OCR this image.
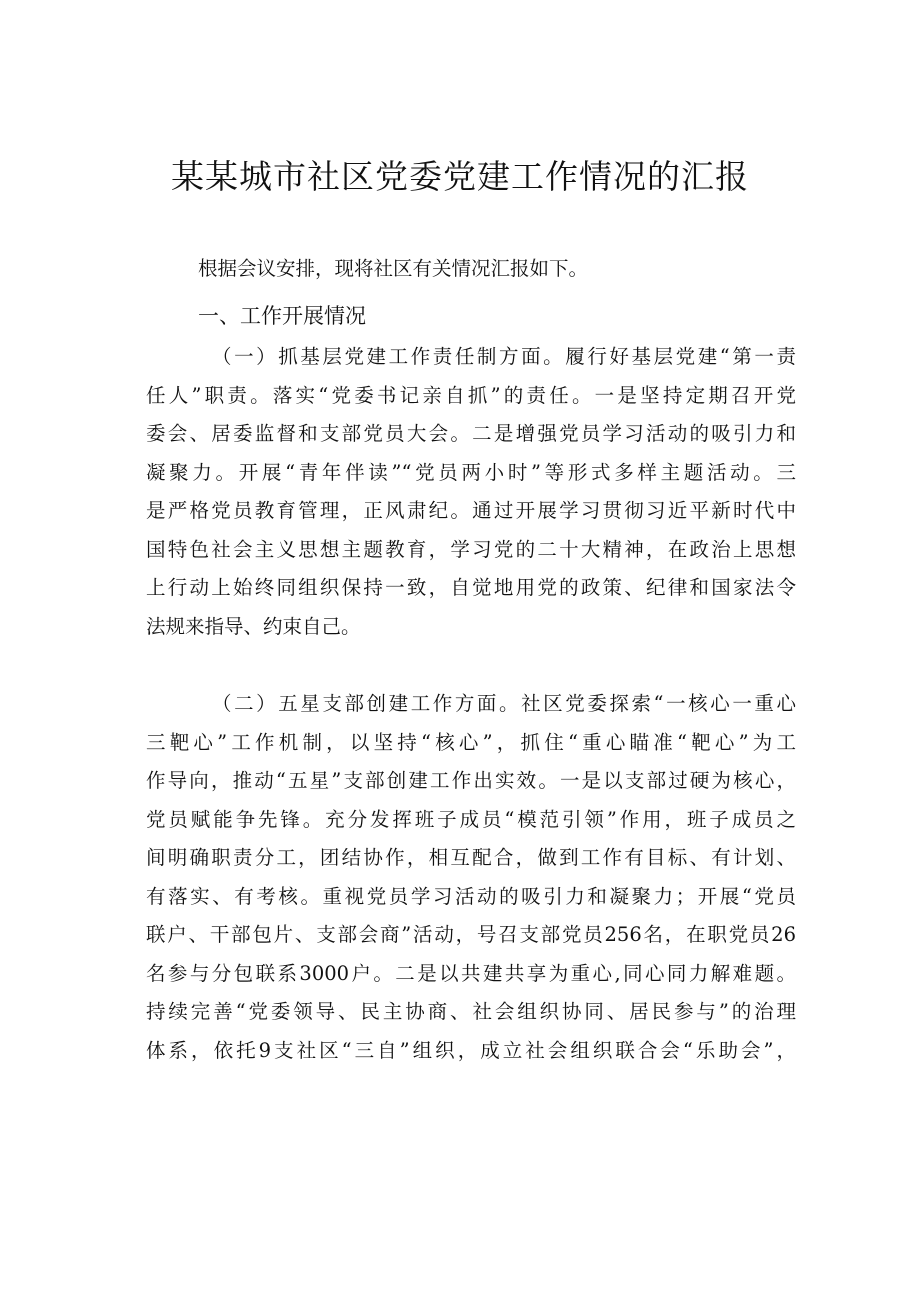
某某城市社区党委党建工作情况的汇报
根据会议安排，现将社区有关情况汇报如下。
一、工作开展情况
（一）抓基层党建工作责任制方面。履行好基层党建“第一责
任人”职责。落实“党委书记亲自抓”的责任。一是坚持定期召开党
委会、居委监督和支部党员大会。二是增强党员学习活动的吸引力和
凝聚力。开展“青年伴读”“党员两小时”等形式多样主题活动。三
是严格党员教育管理，正风肃纪。通过开展学习贯彻习近平新时代中
国特色社会主义思想主题教育，学习党的二十大精神，在政治上思想
上行动上始终同组织保持一致，自觉地用党的政策、纪律和国家法令
法规来指导、约束自己。
（二）五星支部创建工作方面。社区党委探索“一核心一重心
三靶心”工作机制，以坚持“核心”，抓住“重心瞄准“靶心”为工
作导向，推动“五星”支部创建工作出实效。一是以支部过硬为核心，
党员赋能争先锋。充分发挥班子成员“模范引领”作用，班子成员之
间明确职责分工，团结协作，相互配合，做到工作有目标、有计划、
有落实、有考核。重视党员学习活动的吸引力和凝聚力；开展“党员
联户、干部包片、支部会商”活动，号召支部党员256名，在职党员26
名参与分包联系3000户。二是以共建共享为重心,同心同力解难题。
持续完善“党委领导、民主协商、社会组织协同、居民参与”的治理
体系，依托9支社区“三自”组织，成立社会组织联合会“乐助会”，
